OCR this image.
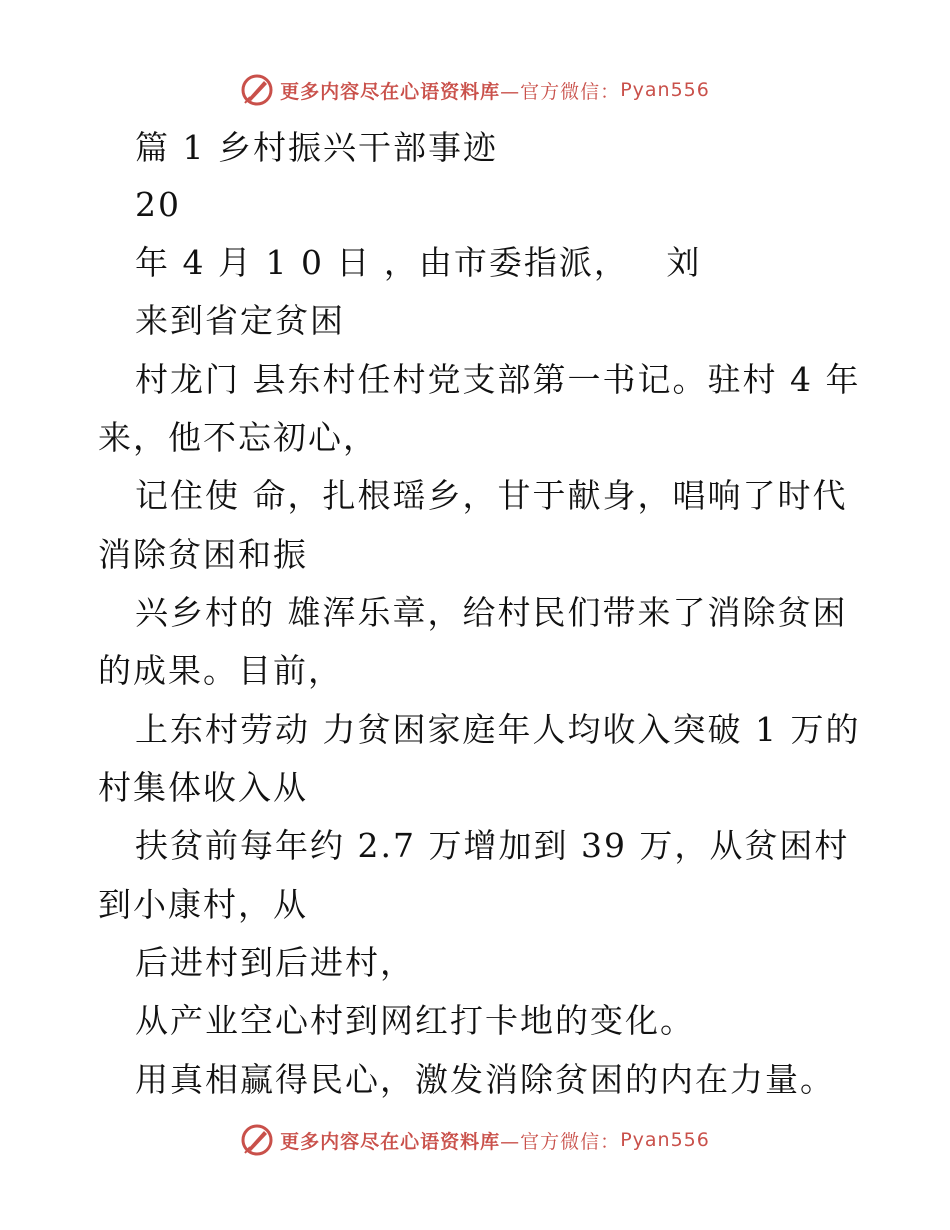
更多内容尽在心语资料库 —官方微信： Pyan556
篇 1 乡村振兴干部事迹
20
年 4 月 1 0 日 ，由市委指派，   刘
来到省定贫困
村龙门 县东村任村党支部第一书记。驻村 4 年
来，他不忘初心，
记住使 命，扎根瑶乡，甘于献身，唱响了时代
消除贫困和振
兴乡村的 雄浑乐章，给村民们带来了消除贫困
的成果。目前，
上东村劳动 力贫困家庭年人均收入突破 1 万的
村集体收入从
扶贫前每年约 2.7 万增加到 39 万，从贫困村
到小康村，从
后进村到后进村，
从产业空心村到网红打卡地的变化。
用真相赢得民心，激发消除贫困的内在力量。
更多内容尽在心语资料库 —官方微信： Pyan556
